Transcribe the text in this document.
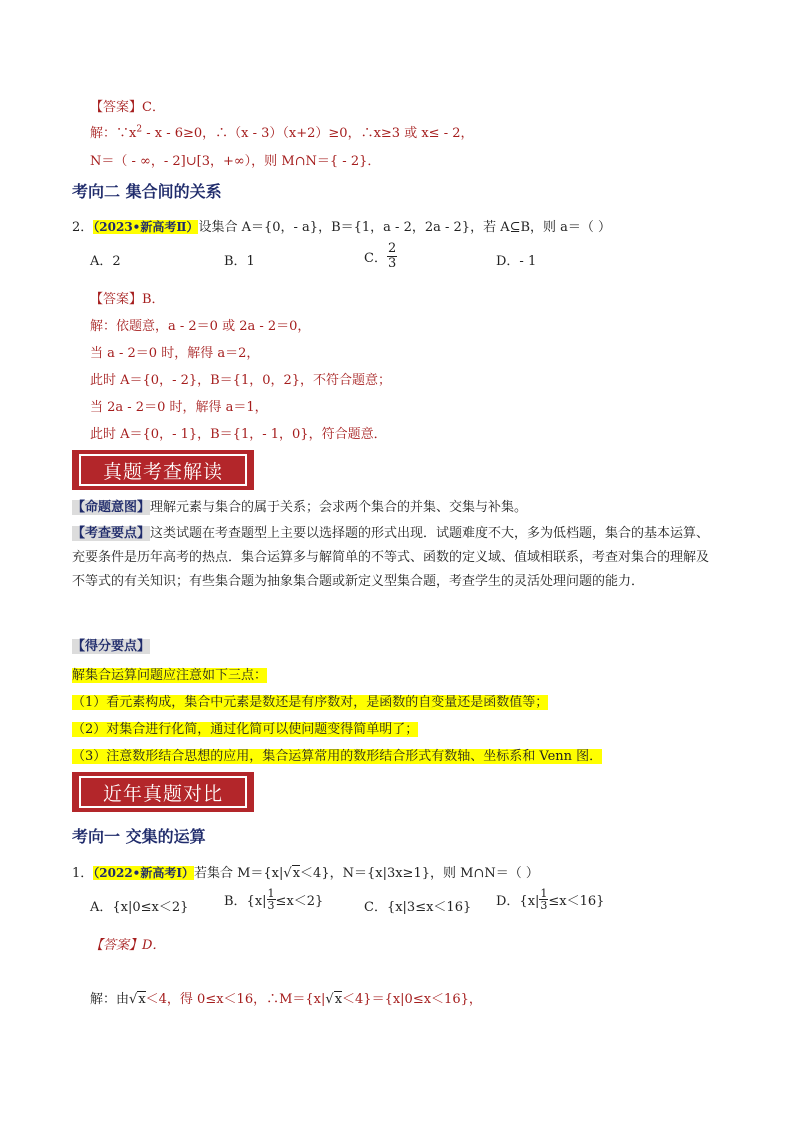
【答案】C．
解：$\because x^2 - x - 6\ge 0$，∴（x - 3）（x+2）≥0，∴x≥3 或 x≤ - 2，
N＝（ - ∞，- 2]∪[3，+∞），则 M∩N＝{ - 2}．
考向二 集合间的关系
2．（2023•新高考Ⅱ）设集合 A＝{0，- a}，B＝{1，a - 2，2a - 2}，若 A⊆B，则 a＝（ ）
A．2	B．1	C． $\frac{2}{3}$	D．- 1
【答案】B．
解：依题意，a - 2＝0 或 2a - 2＝0，
当 a - 2＝0 时，解得 a＝2，
此时 A＝{0，- 2}，B＝{1，0，2}，不符合题意；
当 2a - 2＝0 时，解得 a＝1，
此时 A＝{0，- 1}，B＝{1，- 1，0}，符合题意．
真题考查解读
【命题意图】理解元素与集合的属于关系；会求两个集合的并集、交集与补集。
【考查要点】这类试题在考查题型上主要以选择题的形式出现．试题难度不大，多为低档题，集合的基本运算、充要条件是历年高考的热点．集合运算多与解简单的不等式、函数的定义域、值域相联系，考查对集合的理解及不等式的有关知识；有些集合题为抽象集合题或新定义型集合题，考查学生的灵活处理问题的能力．
【得分要点】
解集合运算问题应注意如下三点：
（1）看元素构成，集合中元素是数还是有序数对，是函数的自变量还是函数值等；
（2）对集合进行化简，通过化简可以使问题变得简单明了；
（3）注意数形结合思想的应用，集合运算常用的数形结合形式有数轴、坐标系和 Venn 图．
近年真题对比
考向一 交集的运算
1．（2022•新高考Ⅰ）若集合 M＝{x|√x＜4}，N＝{x|3x≥1}，则 M∩N＝（ ）
A．{x|0≤x＜2}	B．$\{x| \frac{1}{3} \le x<2\}$	C．{x|3≤x＜16} D．$\{x| \frac{1}{3} \le x<16\}$
【答案】D．
解：由√x＜4，得 0≤x＜16，∴M＝{x|√x＜4}＝{x|0≤x＜16}，
